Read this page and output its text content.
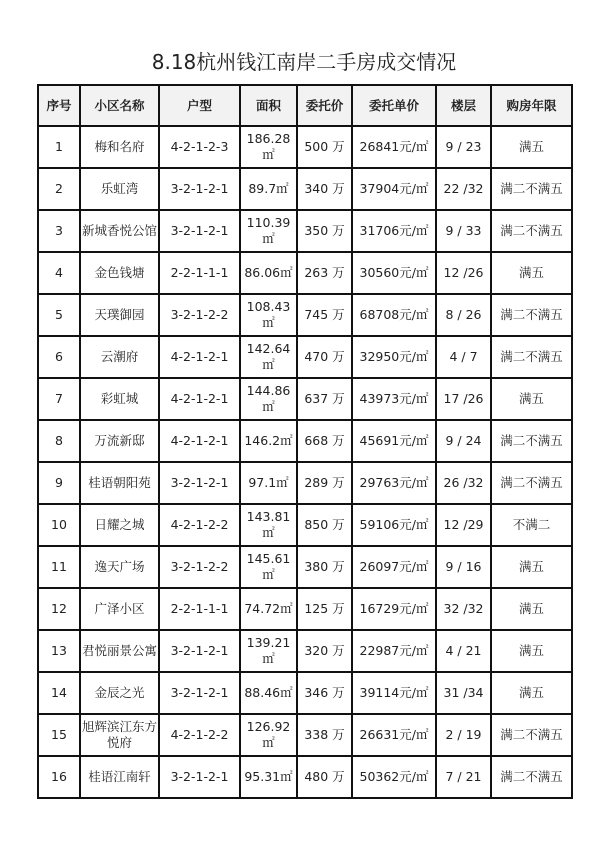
8.18杭州钱江南岸二手房成交情况
序号	小区名称	户型	面积	委托价	委托单价	楼层	购房年限
1	梅和名府	4-2-1-2-3	186.28㎡	500 万	26841元/㎡	9 / 23	满五
2	乐虹湾	3-2-1-2-1	89.7㎡	340 万	37904元/㎡	22 /32	满二不满五
3	新城香悦公馆	3-2-1-2-1	110.39㎡	350 万	31706元/㎡	9 / 33	满二不满五
4	金色钱塘	2-2-1-1-1	86.06㎡	263 万	30560元/㎡	12 /26	满五
5	天璞御园	3-2-1-2-2	108.43㎡	745 万	68708元/㎡	8 / 26	满二不满五
6	云潮府	4-2-1-2-1	142.64㎡	470 万	32950元/㎡	4 / 7	满二不满五
7	彩虹城	4-2-1-2-1	144.86㎡	637 万	43973元/㎡	17 /26	满五
8	万流新邸	4-2-1-2-1	146.2㎡	668 万	45691元/㎡	9 / 24	满二不满五
9	桂语朝阳苑	3-2-1-2-1	97.1㎡	289 万	29763元/㎡	26 /32	满二不满五
10	日耀之城	4-2-1-2-2	143.81㎡	850 万	59106元/㎡	12 /29	不满二
11	逸天广场	3-2-1-2-2	145.61㎡	380 万	26097元/㎡	9 / 16	满五
12	广泽小区	2-2-1-1-1	74.72㎡	125 万	16729元/㎡	32 /32	满五
13	君悦丽景公寓	3-2-1-2-1	139.21㎡	320 万	22987元/㎡	4 / 21	满五
14	金辰之光	3-2-1-2-1	88.46㎡	346 万	39114元/㎡	31 /34	满五
15	旭辉滨江东方悦府	4-2-1-2-2	126.92㎡	338 万	26631元/㎡	2 / 19	满二不满五
16	桂语江南轩	3-2-1-2-1	95.31㎡	480 万	50362元/㎡	7 / 21	满二不满五
